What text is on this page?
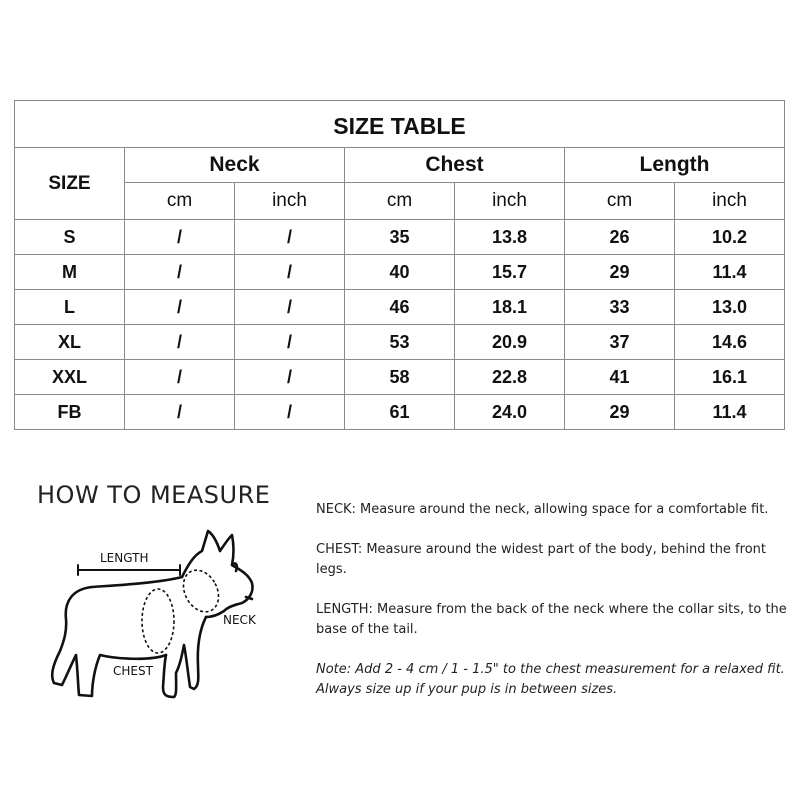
SIZE TABLE						
SIZE	Neck		Chest		Length	
	cm	inch	cm	inch	cm	inch
S	/	/	35	13.8	26	10.2
M	/	/	40	15.7	29	11.4
L	/	/	46	18.1	33	13.0
XL	/	/	53	20.9	37	14.6
XXL	/	/	58	22.8	41	16.1
FB	/	/	61	24.0	29	11.4
HOW TO MEASURE
LENGTH
NECK
CHEST

NECK: Measure around the neck, allowing space for a comfortable fit.

CHEST: Measure around the widest part of the body, behind the front legs.

LENGTH: Measure from the back of the neck where the collar sits, to the base of the tail.

Note: Add 2 - 4 cm / 1 - 1.5" to the chest measurement for a relaxed fit. Always size up if your pup is in between sizes.
